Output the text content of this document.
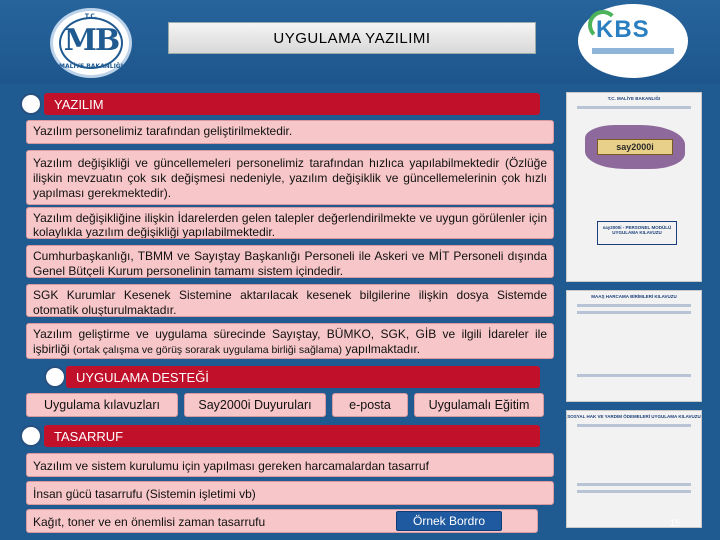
T.C.
MB
MALİYE BAKANLIĞI
UYGULAMA YAZILIMI	KBS
YAZILIM
Yazılım personelimiz tarafından geliştirilmektedir.
Yazılım değişikliği ve güncellemeleri personelimiz tarafından hızlıca yapılabilmektedir (Özlüğe ilişkin mevzuatın çok sık değişmesi nedeniyle, yazılım değişiklik ve güncellemelerinin çok hızlı yapılması gerekmektedir).
Yazılım değişikliğine ilişkin İdarelerden gelen talepler değerlendirilmekte ve uygun görülenler için kolaylıkla yazılım değişikliği yapılabilmektedir.
Cumhurbaşkanlığı, TBMM ve Sayıştay Başkanlığı Personeli ile Askeri ve MİT Personeli dışında Genel Bütçeli Kurum personelinin tamamı sistem içindedir.
SGK Kurumlar Kesenek Sistemine aktarılacak kesenek bilgilerine ilişkin dosya Sistemde otomatik oluşturulmaktadır.
Yazılım geliştirme ve uygulama sürecinde Sayıştay, BÜMKO, SGK, GİB ve ilgili İdareler ile işbirliği (ortak çalışma ve görüş sorarak uygulama birliği sağlama) yapılmaktadır.
UYGULAMA DESTEĞİ
Uygulama kılavuzları	Say2000i Duyuruları	e-posta	Uygulamalı Eğitim
TASARRUF
Yazılım ve sistem kurulumu için yapılması gereken harcamalardan tasarruf
İnsan gücü tasarrufu (Sistemin işletimi vb)
Kağıt, toner ve en önemlisi zaman tasarrufu	Örnek Bordro
T.C. MALİYE BAKANLIĞI
say2000i
say2000i - PERSONEL MODÜLÜ UYGULAMA KILAVUZU
MAAŞ HARCAMA BİRİMLERİ KILAVUZU
SOSYAL HAK VE YARDIM ÖDEMELERİ UYGULAMA KILAVUZU
15
